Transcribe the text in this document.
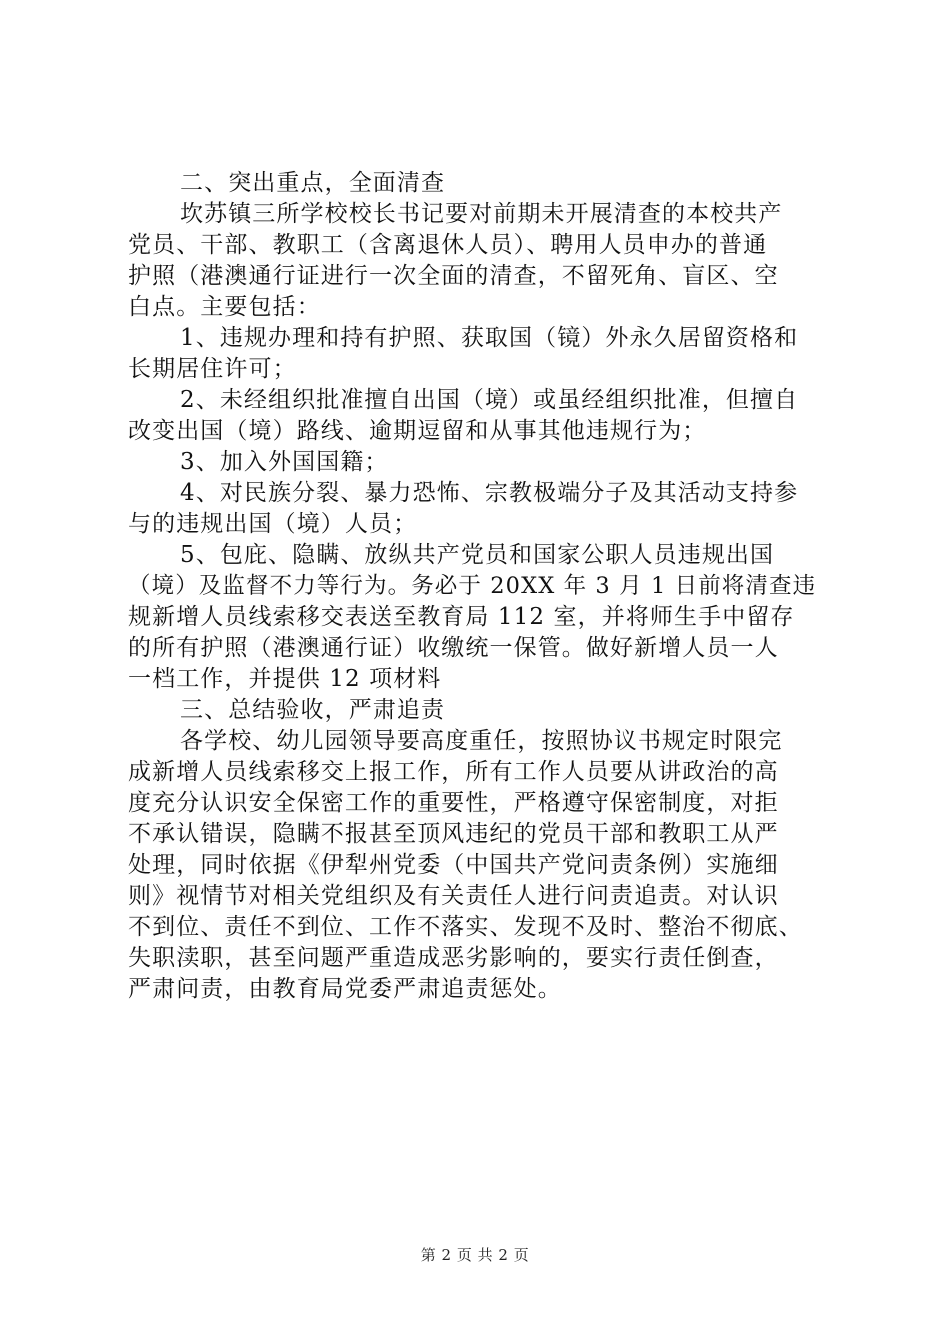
二、突出重点，全面清查
坎苏镇三所学校校长书记要对前期未开展清查的本校共产
党员、干部、教职工（含离退休人员）、聘用人员申办的普通
护照（港澳通行证进行一次全面的清查，不留死角、盲区、空
白点。主要包括：
1、违规办理和持有护照、获取国（镜）外永久居留资格和
长期居住许可；
2、未经组织批准擅自出国（境）或虽经组织批准，但擅自
改变出国（境）路线、逾期逗留和从事其他违规行为；
3、加入外国国籍；
4、对民族分裂、暴力恐怖、宗教极端分子及其活动支持参
与的违规出国（境）人员；
5、包庇、隐瞒、放纵共产党员和国家公职人员违规出国
（境）及监督不力等行为。务必于 20XX 年 3 月 1 日前将清查违
规新增人员线索移交表送至教育局 112 室，并将师生手中留存
的所有护照（港澳通行证）收缴统一保管。做好新增人员一人
一档工作，并提供 12 项材料
三、总结验收，严肃追责
各学校、幼儿园领导要高度重任，按照协议书规定时限完
成新增人员线索移交上报工作，所有工作人员要从讲政治的高
度充分认识安全保密工作的重要性，严格遵守保密制度，对拒
不承认错误，隐瞒不报甚至顶风违纪的党员干部和教职工从严
处理，同时依据《伊犁州党委（中国共产党问责条例）实施细
则》视情节对相关党组织及有关责任人进行问责追责。对认识
不到位、责任不到位、工作不落实、发现不及时、整治不彻底、
失职渎职，甚至问题严重造成恶劣影响的，要实行责任倒查，
严肃问责，由教育局党委严肃追责惩处。
第 2 页 共 2 页
